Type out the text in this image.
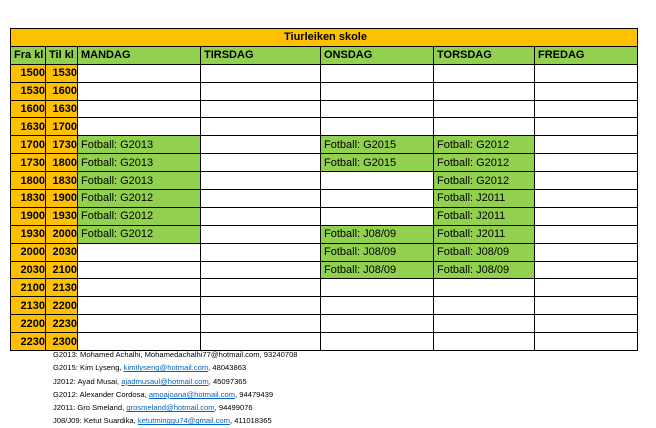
Tiurleiken skole						
Fra kl	Til kl	MANDAG	TIRSDAG	ONSDAG	TORSDAG	FREDAG
1500	1530					
1530	1600					
1600	1630					
1630	1700					
1700	1730	Fotball: G2013		Fotball: G2015	Fotball: G2012	
1730	1800	Fotball: G2013		Fotball: G2015	Fotball: G2012	
1800	1830	Fotball: G2013			Fotball: G2012	
1830	1900	Fotball: G2012			Fotball: J2011	
1900	1930	Fotball: G2012			Fotball: J2011	
1930	2000	Fotball: G2012		Fotball: J08/09	Fotball: J2011	
2000	2030			Fotball: J08/09	Fotball: J08/09	
2030	2100			Fotball: J08/09	Fotball: J08/09	
2100	2130					
2130	2200					
2200	2230					
2230	2300					
G2013: Mohamed Achalhi, Mohamedachalhi77@hotmail.com, 93240708
G2015: Kim Lyseng, kimtlyseng@hotmail.com, 48043863
J2012: Ayad Musai, ajadmusaul@hotmail.com, 45097365
G2012: Alexander Cordosa, amoajoana@hotmail.com, 94479439
J2011: Gro Smeland, grosmeland@hotmail.com, 94499076
J08/J09: Ketut Suardika, ketutminggu74@gmail.com, 411018365
